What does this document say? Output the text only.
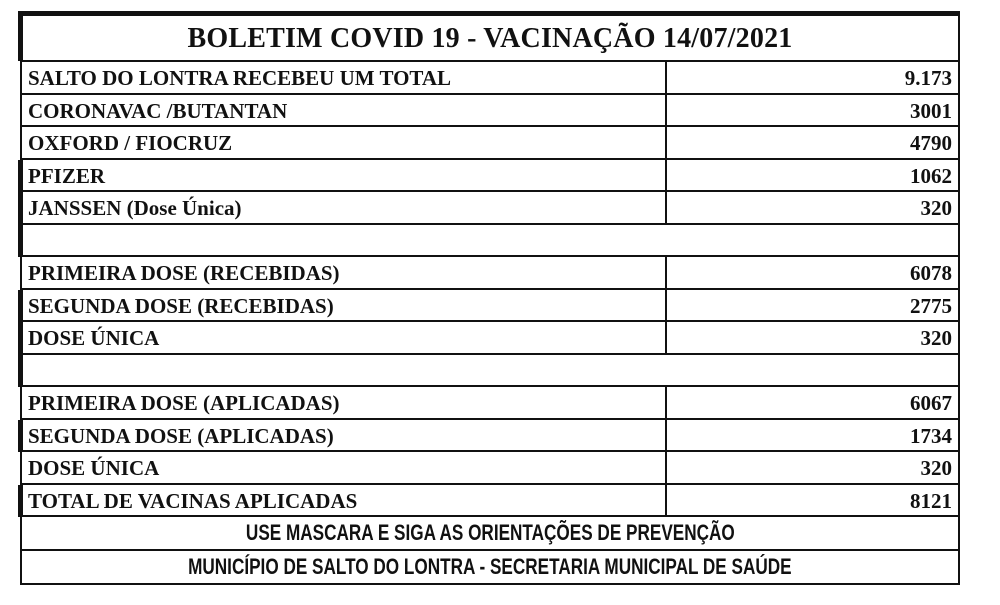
BOLETIM COVID 19 - VACINAÇÃO 14/07/2021
SALTO DO LONTRA RECEBEU UM TOTAL	9.173
CORONAVAC /BUTANTAN	3001
OXFORD / FIOCRUZ	4790
PFIZER	1062
JANSSEN (Dose Única)	320
PRIMEIRA DOSE (RECEBIDAS)	6078
SEGUNDA DOSE (RECEBIDAS)	2775
DOSE ÚNICA	320
PRIMEIRA DOSE (APLICADAS)	6067
SEGUNDA DOSE (APLICADAS)	1734
DOSE ÚNICA	320
TOTAL DE VACINAS APLICADAS	8121
USE MASCARA E SIGA AS ORIENTAÇÕES DE PREVENÇÃO
MUNICÍPIO DE SALTO DO LONTRA - SECRETARIA MUNICIPAL DE SAÚDE
